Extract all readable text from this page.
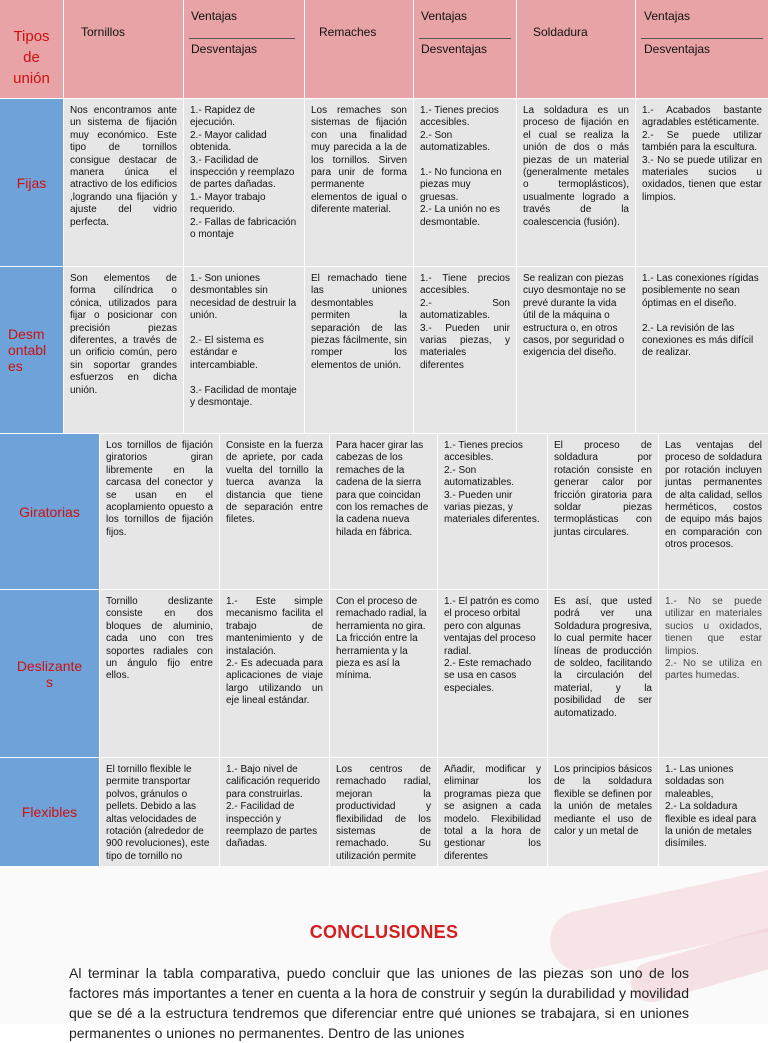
Tipos
de
unión
Tornillos
Ventajas
Desventajas
Remaches
Ventajas
Desventajas
Soldadura
Ventajas
Desventajas
Fijas
Nos encontramos ante un sistema de fijación muy económico. Este tipo de tornillos consigue destacar de manera única el atractivo de los edificios ,logrando una fijación y ajuste del vidrio perfecta.
1.- Rapidez de ejecución.
2.- Mayor calidad obtenida.
3.- Facilidad de inspección y reemplazo de partes dañadas.
1.- Mayor trabajo requerido.
2.- Fallas de fabricación o montaje
Los remaches son sistemas de fijación con una finalidad muy parecida a la de los tornillos. Sirven para unir de forma permanente elementos de igual o diferente material.
1.- Tienes precios accesibles.
2.- Son automatizables.

1.- No funciona en piezas muy gruesas.
2.- La unión no es desmontable.
La soldadura es un proceso de fijación en el cual se realiza la unión de dos o más piezas de un material (generalmente metales o termoplásticos), usualmente logrado a través de la coalescencia (fusión).
1.- Acabados bastante agradables estéticamente.
2.- Se puede utilizar también para la escultura.
3.- No se puede utilizar en materiales sucios u oxidados, tienen que estar limpios.
Desm
ontabl
es
Son elementos de forma cilíndrica o cónica, utilizados para fijar o posicionar con precisión piezas diferentes, a través de un orificio común, pero sin soportar grandes esfuerzos en dicha unión.
1.- Son uniones desmontables sin necesidad de destruir la unión.

2.- El sistema es estándar e intercambiable.

3.- Facilidad de montaje y desmontaje.
El remachado tiene las uniones desmontables permiten la separación de las piezas fácilmente, sin romper los elementos de unión.
1.- Tiene precios accesibles.
2.- Son automatizables.
3.- Pueden unir varias piezas, y materiales diferentes
Se realizan con piezas cuyo desmontaje no se prevé durante la vida útil de la máquina o estructura o, en otros casos, por seguridad o exigencia del diseño.
1.- Las conexiones rígidas posiblemente no sean óptimas en el diseño.

2.- La revisión de las conexiones es más difícil de realizar.
Giratorias
Los tornillos de fijación giratorios giran libremente en la carcasa del conector y se usan en el acoplamiento opuesto a los tornillos de fijación fijos.
Consiste en la fuerza de apriete, por cada vuelta del tornillo la tuerca avanza la distancia que tiene de separación entre filetes.
Para hacer girar las cabezas de los remaches de la cadena de la sierra para que coincidan con los remaches de la cadena nueva hilada en fábrica.
1.- Tienes precios accesibles.
2.- Son automatizables.
3.- Pueden unir varias piezas, y materiales diferentes.
El proceso de soldadura por rotación consiste en generar calor por fricción giratoria para soldar piezas termoplásticas con juntas circulares.
Las ventajas del proceso de soldadura por rotación incluyen juntas permanentes de alta calidad, sellos herméticos, costos de equipo más bajos en comparación con otros procesos.
Deslizante
s
Tornillo deslizante consiste en dos bloques de aluminio, cada uno con tres soportes radiales con un ángulo fijo entre ellos.
1.- Este simple mecanismo facilita el trabajo de mantenimiento y de instalación.
2.- Es adecuada para aplicaciones de viaje largo utilizando un eje lineal estándar.
Con el proceso de remachado radial, la herramienta no gira. La fricción entre la herramienta y la pieza es así la mínima.
1.- El patrón es como el proceso orbital pero con algunas ventajas del proceso radial.
2.- Este remachado se usa en casos especiales.
Es así, que usted podrá ver una Soldadura progresiva, lo cual permite hacer líneas de producción de soldeo, facilitando la circulación del material, y la posibilidad de ser automatizado.
1.- No se puede utilizar en materiales sucios u oxidados, tienen que estar limpios.
2.- No se utiliza en partes humedas.
Flexibles
El tornillo flexible le permite transportar polvos, gránulos o pellets. Debido a las altas velocidades de rotación (alrededor de 900 revoluciones), este tipo de tornillo no
1.- Bajo nivel de calificación requerido para construirlas.
2.- Facilidad de inspección y reemplazo de partes dañadas.
Los centros de remachado radial, mejoran la productividad y flexibilidad de los sistemas de remachado. Su utilización permite
Añadir, modificar y eliminar los programas pieza que se asignen a cada modelo. Flexibilidad total a la hora de gestionar los diferentes
Los principios básicos de la soldadura flexible se definen por la unión de metales mediante el uso de calor y un metal de
1.- Las uniones soldadas son maleables,
2.- La soldadura flexible es ideal para la unión de metales disímiles.
CONCLUSIONES

Al terminar la tabla comparativa, puedo concluir que las uniones de las piezas son uno de los factores más importantes a tener en cuenta a la hora de construir y según la durabilidad y movilidad que se dé a la estructura tendremos que diferenciar entre qué uniones se trabajara, si en uniones permanentes o uniones no permanentes. Dentro de las uniones
